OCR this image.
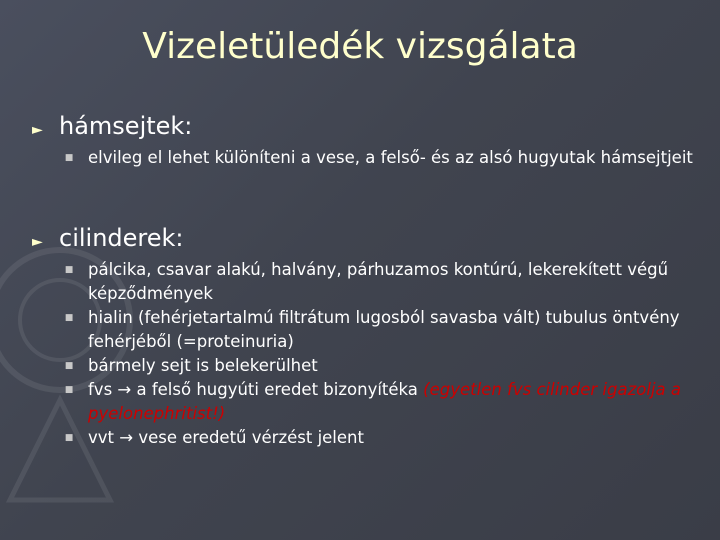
Vizeletüledék vizsgálata
► hámsejtek:
■ elvileg el lehet különíteni a vese, a felső- és az alsó hugyutak hámsejtjeit
► cilinderek:
■ pálcika, csavar alakú, halvány, párhuzamos kontúrú, lekerekített végű képződmények
■ hialin (fehérjetartalmú filtrátum lugosból savasba vált) tubulus öntvény fehérjéből (=proteinuria)
■ bármely sejt is belekerülhet
■ fvs → a felső hugyúti eredet bizonyítéka (egyetlen fvs cilinder igazolja a pyelonephritist!)
■ vvt → vese eredetű vérzést jelent
